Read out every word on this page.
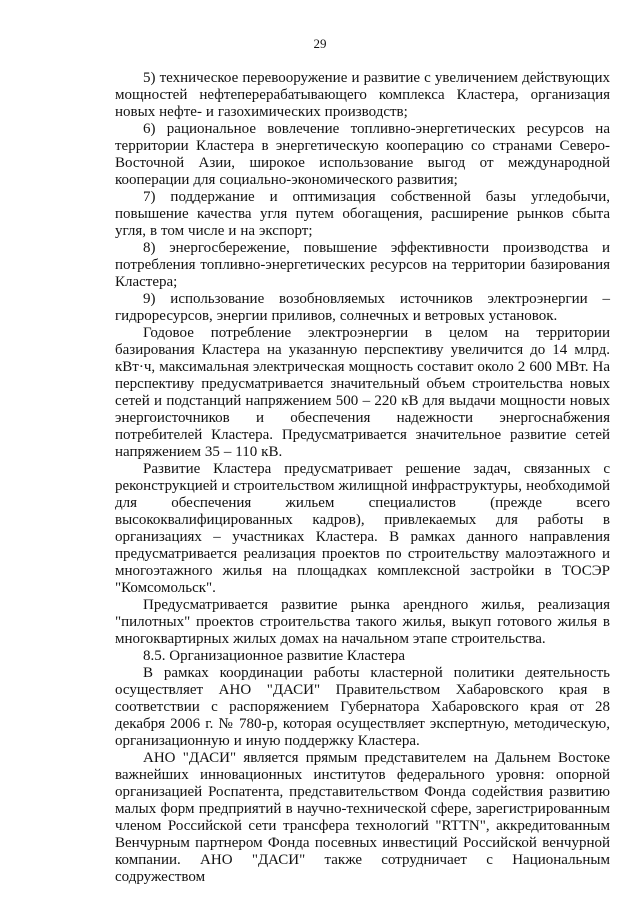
29

5) техническое перевооружение и развитие с увеличением действующих мощностей нефтеперерабатывающего комплекса Кластера, организация новых нефте- и газохимических производств;

6) рациональное вовлечение топливно-энергетических ресурсов на территории Кластера в энергетическую кооперацию со странами Северо-Восточной Азии, широкое использование выгод от международной кооперации для социально-экономического развития;

7) поддержание и оптимизация собственной базы угледобычи, повышение качества угля путем обогащения, расширение рынков сбыта угля, в том числе и на экспорт;

8) энергосбережение, повышение эффективности производства и потребления топливно-энергетических ресурсов на территории базирования Кластера;

9) использование возобновляемых источников электроэнергии – гидроресурсов, энергии приливов, солнечных и ветровых установок.

Годовое потребление электроэнергии в целом на территории базирования Кластера на указанную перспективу увеличится до 14 млрд. кВт·ч, максимальная электрическая мощность составит около 2 600 МВт. На перспективу предусматривается значительный объем строительства новых сетей и подстанций напряжением 500 – 220 кВ для выдачи мощности новых энергоисточников и обеспечения надежности энергоснабжения потребителей Кластера. Предусматривается значительное развитие сетей напряжением 35 – 110 кВ.

Развитие Кластера предусматривает решение задач, связанных с реконструкцией и строительством жилищной инфраструктуры, необходимой для обеспечения жильем специалистов (прежде всего высококвалифицированных кадров), привлекаемых для работы в организациях – участниках Кластера. В рамках данного направления предусматривается реализация проектов по строительству малоэтажного и многоэтажного жилья на площадках комплексной застройки в ТОСЭР "Комсомольск".

Предусматривается развитие рынка арендного жилья, реализация "пилотных" проектов строительства такого жилья, выкуп готового жилья в многоквартирных жилых домах на начальном этапе строительства.

8.5. Организационное развитие Кластера

В рамках координации работы кластерной политики деятельность осуществляет АНО "ДАСИ" Правительством Хабаровского края в соответствии с распоряжением Губернатора Хабаровского края от 28 декабря 2006 г. № 780-р, которая осуществляет экспертную, методическую, организационную и иную поддержку Кластера.

АНО "ДАСИ" является прямым представителем на Дальнем Востоке важнейших инновационных институтов федерального уровня: опорной организацией Роспатента, представительством Фонда содействия развитию малых форм предприятий в научно-технической сфере, зарегистрированным членом Российской сети трансфера технологий "RTTN", аккредитованным Венчурным партнером Фонда посевных инвестиций Российской венчурной компании. АНО "ДАСИ" также сотрудничает с Национальным содружеством
